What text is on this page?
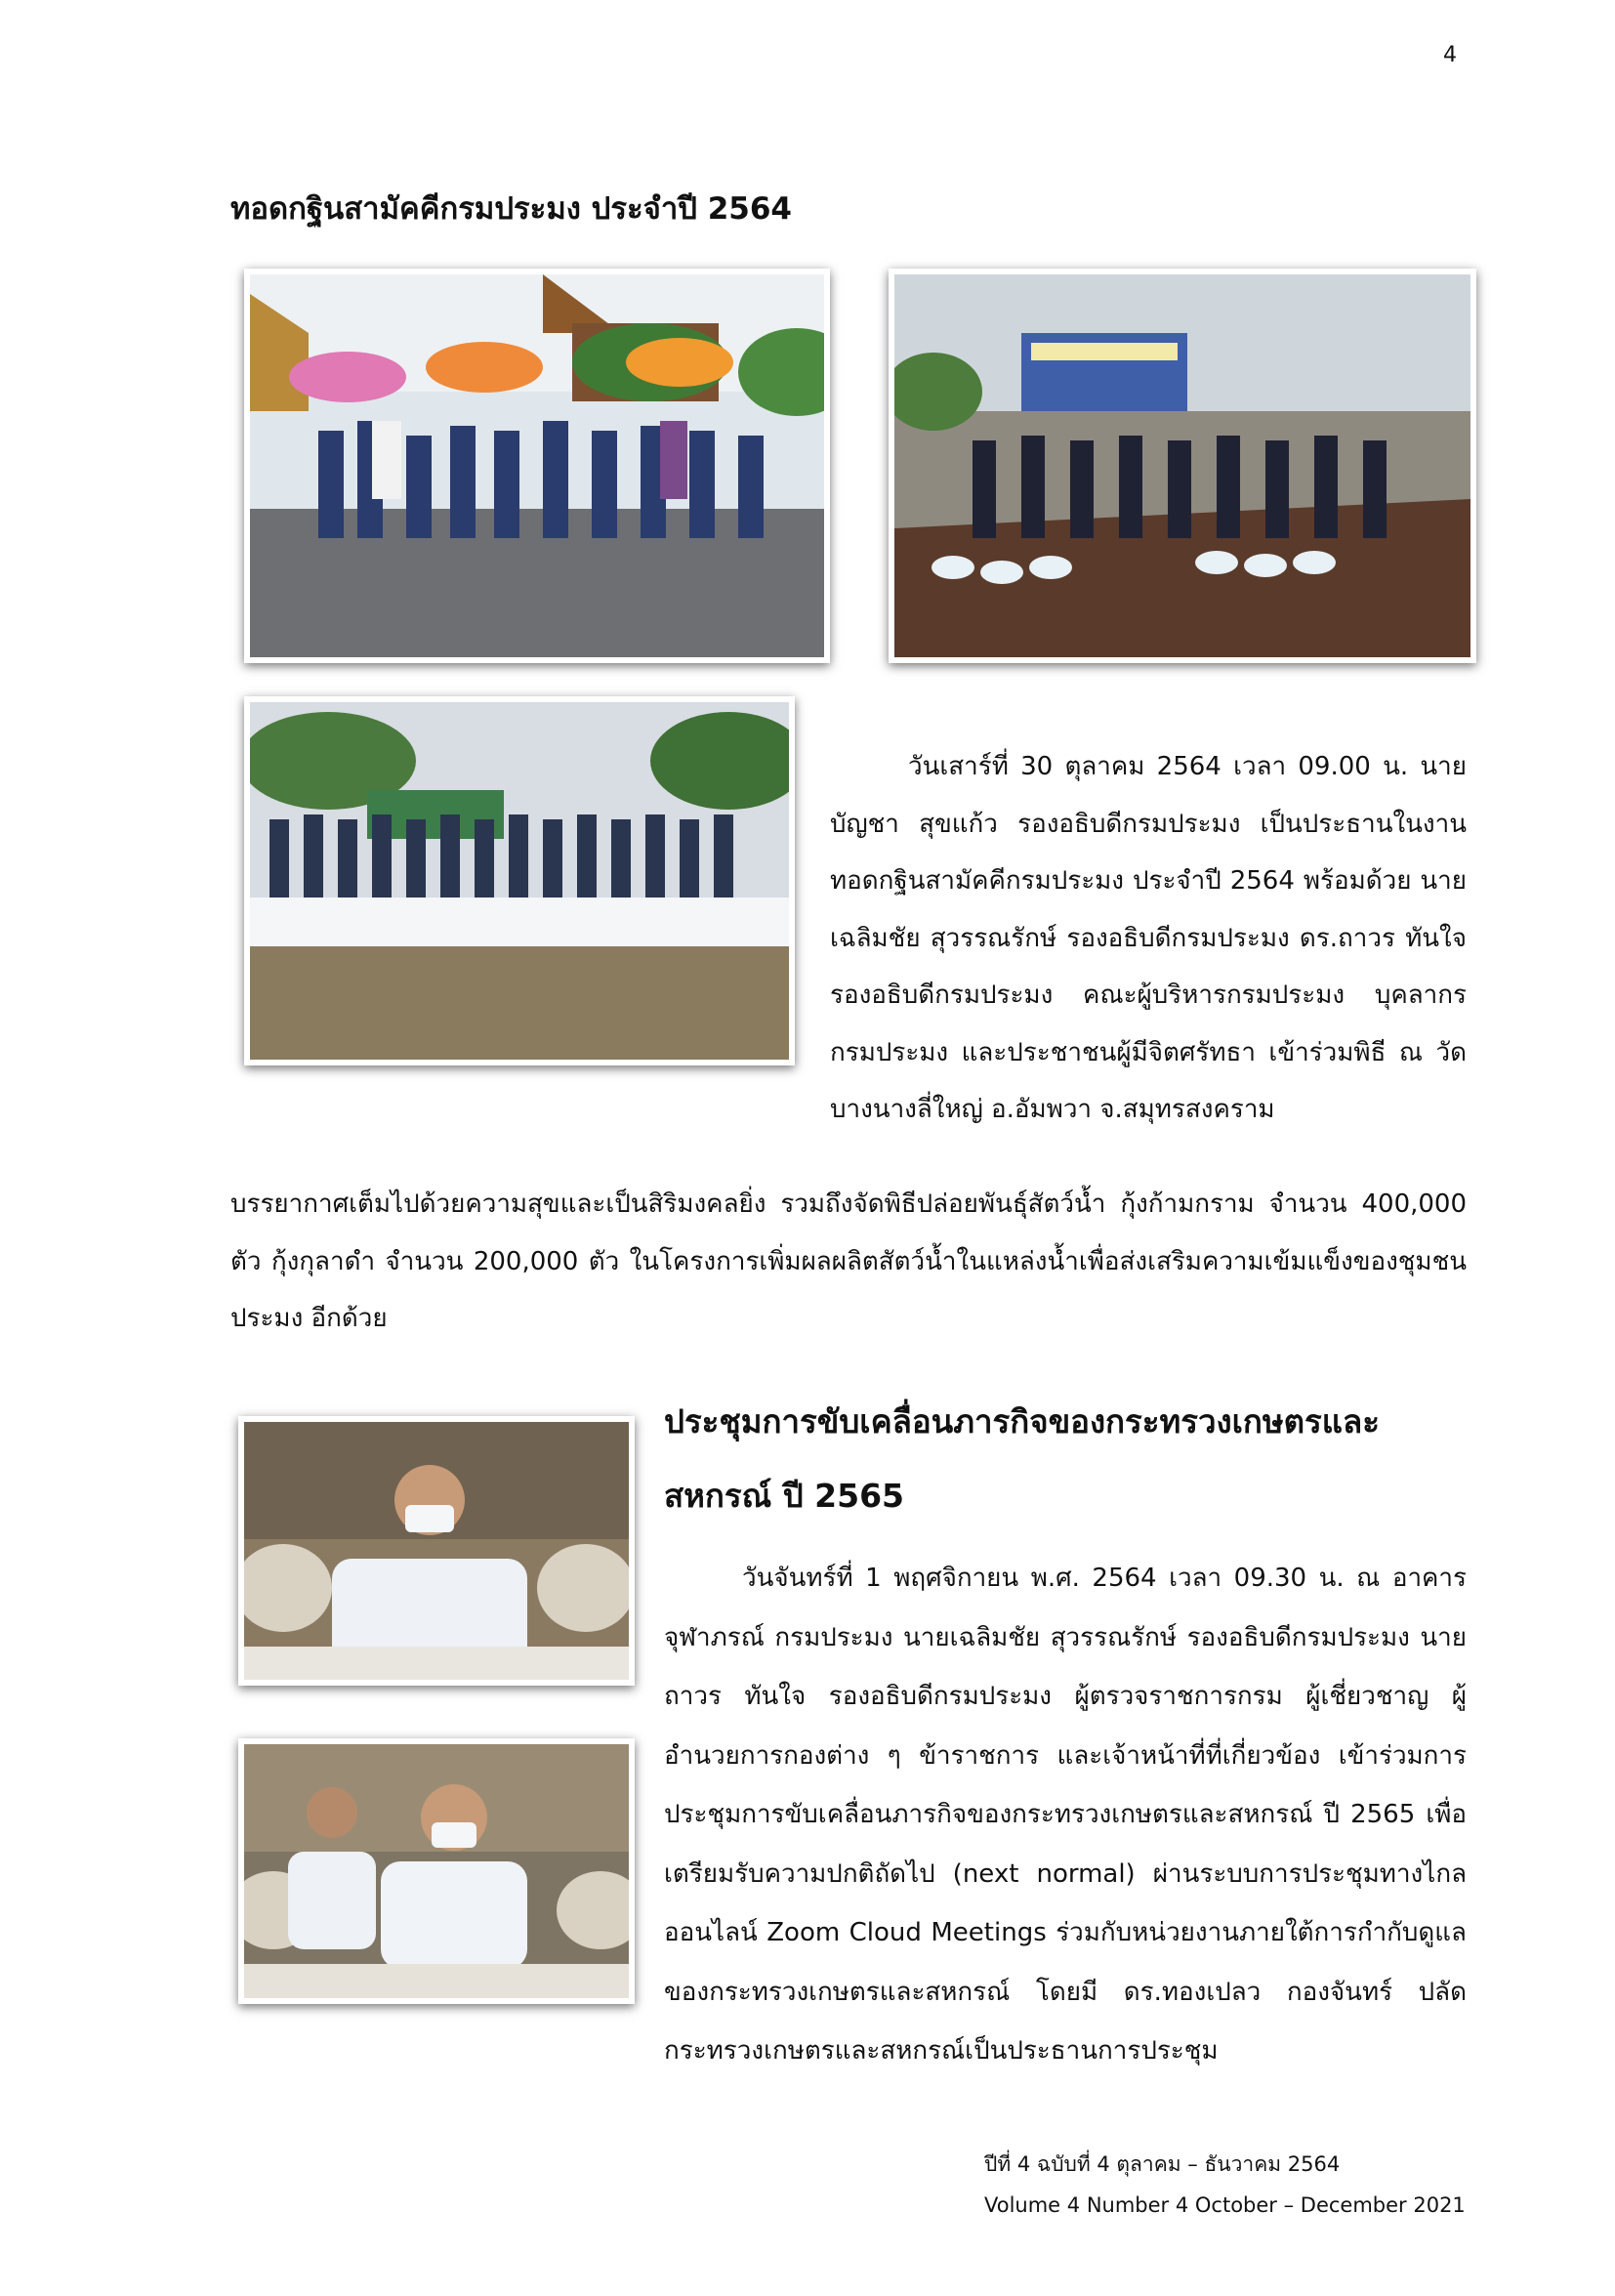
4
ทอดกฐินสามัคคีกรมประมง ประจำปี 2564

วันเสาร์ที่ 30 ตุลาคม 2564 เวลา 09.00 น. นายบัญชา สุขแก้ว รองอธิบดีกรมประมง เป็นประธานในงาน ทอดกฐินสามัคคีกรมประมง ประจำปี 2564 พร้อมด้วย นายเฉลิมชัย สุวรรณรักษ์ รองอธิบดีกรมประมง ดร.ถาวร ทันใจ รองอธิบดีกรมประมง คณะผู้บริหารกรมประมง บุคลากรกรมประมง และประชาชนผู้มีจิตศรัทธา เข้าร่วมพิธี ณ วัดบางนางลี่ใหญ่ อ.อัมพวา จ.สมุทรสงคราม

บรรยากาศเต็มไปด้วยความสุขและเป็นสิริมงคลยิ่ง รวมถึงจัดพิธีปล่อยพันธุ์สัตว์น้ำ กุ้งก้ามกราม จำนวน 400,000 ตัว กุ้งกุลาดำ จำนวน 200,000 ตัว ในโครงการเพิ่มผลผลิตสัตว์น้ำในแหล่งน้ำเพื่อส่งเสริมความเข้มแข็งของชุมชนประมง อีกด้วย

ประชุมการขับเคลื่อนภารกิจของกระทรวงเกษตรและสหกรณ์ ปี 2565

วันจันทร์ที่ 1 พฤศจิกายน พ.ศ. 2564 เวลา 09.30 น. ณ อาคารจุฬาภรณ์ กรมประมง นายเฉลิมชัย สุวรรณรักษ์ รองอธิบดีกรมประมง นายถาวร ทันใจ รองอธิบดีกรมประมง ผู้ตรวจราชการกรม ผู้เชี่ยวชาญ ผู้อำนวยการกองต่าง ๆ ข้าราชการ และเจ้าหน้าที่ที่เกี่ยวข้อง เข้าร่วมการประชุมการขับเคลื่อนภารกิจของกระทรวงเกษตรและสหกรณ์ ปี 2565 เพื่อเตรียมรับความปกติถัดไป (next normal) ผ่านระบบการประชุมทางไกลออนไลน์ Zoom Cloud Meetings ร่วมกับหน่วยงานภายใต้การกำกับดูแลของกระทรวงเกษตรและสหกรณ์ โดยมี ดร.ทองเปลว กองจันทร์ ปลัดกระทรวงเกษตรและสหกรณ์เป็นประธานการประชุม

ปีที่ 4 ฉบับที่ 4 ตุลาคม – ธันวาคม 2564
Volume 4 Number 4 October – December 2021
